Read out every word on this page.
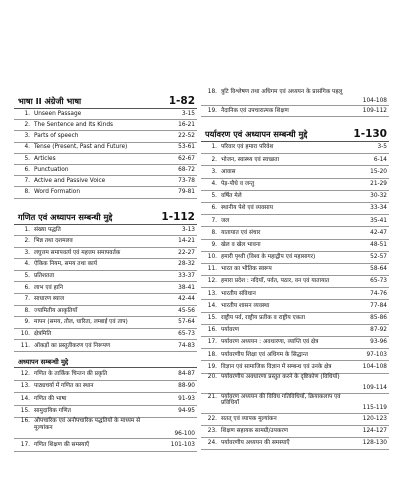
भाषा II अंग्रेजी भाषा	1-82
1. Unseen Passage	3-15
2. The Sentence and Its Kinds	16-21
3. Parts of speech	22-52
4. Tense (Present, Past and Future)	53-61
5. Articles	62-67
6. Punctuation	68-72
7. Active and Passive Voice	73-78
8. Word Formation	79-81
गणित एवं अध्यापन सम्बन्धी मुद्दे	1-112
1. संख्या पद्धति	3-13
2. भिन्न तथा दशमलव	14-21
3. लघुत्तम समापवर्त्य एवं महत्तम समापवर्तक	22-27
4. ऐकिक नियम, समय तथा कार्य	28-32
5. प्रतिशतता	33-37
6. लाभ एवं हानि	38-41
7. साधारण ब्याज	42-44
8. ज्यामितीय आकृतियाँ	45-56
9. मापन (समय, तौल, धारिता, लम्बाई एवं ताप)	57-64
10. क्षेत्रमिति	65-73
11. ऑकड़ों का प्रस्तुतीकरण एवं निरूपण	74-83
अध्यापन सम्बन्धी मुद्दे
12. गणित के तार्किक चिन्तन की प्रकृति	84-87
13. पाठ्यचर्या में गणित का स्थान	88-90
14. गणित की भाषा	91-93
15. सामुदायिक गणित	94-95
16. औपचारिक एवं अनौपचारिक पद्धतियों के माध्यम से मूल्यांकन
96-100
17. गणित शिक्षण की समस्याएँ	101-103
18. त्रुटि विश्लेषण तथा अधिगम एवं अध्ययन के प्रासंगिक पहलू
104-108
19. नैदानिक एवं उपचारात्मक शिक्षण	109-112
पर्यावरण एवं अध्यापन सम्बन्धी मुद्दे	1-130
1. परिवार एवं हमारा परिवेश	3-5
2. भोजन, स्वास्थ्य एवं स्वच्छता	6-14
3. आवास	15-20
4. पेड़-पौधे व जन्तु	21-29
5. वर्षित मेले	30-32
6. स्थानीय पेशे एवं व्यवसाय	33-34
7. जल	35-41
8. यातायात एवं संचार	42-47
9. खेल व खेल भावना	48-51
10. हमारी पृथ्वी (विश्व के महाद्वीप एवं महासागर)	52-57
11. भारत का भौतिक स्वरूप	58-64
12. हमारा प्रदेश : नदियाँ, पर्वत, पठार, वन एवं यातायात	65-73
13. भारतीय संविधान	74-76
14. भारतीय शासन व्यवस्था	77-84
15. राष्ट्रीय पर्व, राष्ट्रीय प्रतीक व राष्ट्रीय एकता	85-86
16. पर्यावरण	87-92
17. पर्यावरण अध्ययन : अवधारणा, व्याप्ति एवं क्षेत्र	93-96
18. पर्यावरणीय शिक्षा एवं अधिगम के सिद्धान्त	97-103
19. विज्ञान एवं सामाजिक विज्ञान में सम्बन्ध एवं उनके क्षेत्र	104-108
20. पर्यावरणीय अवधारणा प्रस्तुत करने के दृष्टिकोण (विधियाँ)
109-114
21. पर्यावरण अध्ययन की विविध गतिविधियाँ, क्रियाकलाप एवं प्रविधियाँ
115-119
22. सतत् एवं व्यापक मूल्यांकन	120-123
23. शिक्षण सहायक सामग्री/उपकरण	124-127
24. पर्यावरणीय अध्ययन की समस्याएँ	128-130
